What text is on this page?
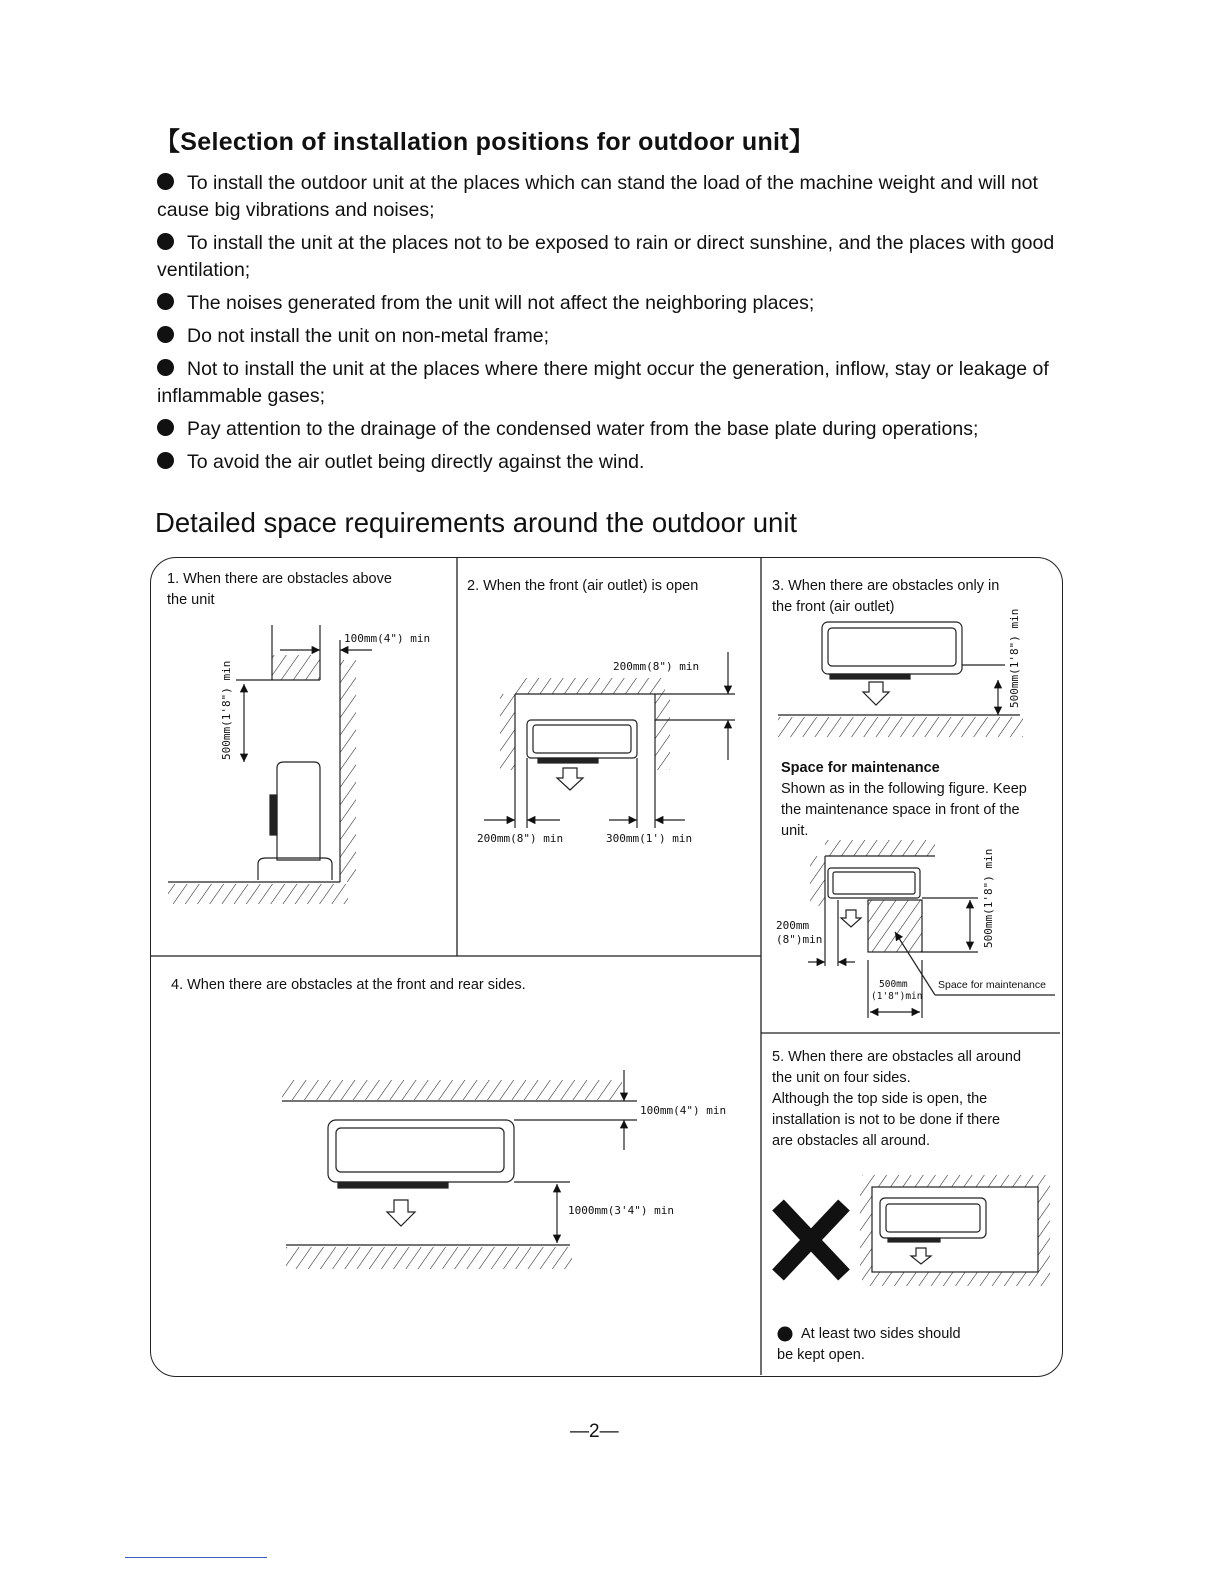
【Selection of installation positions for outdoor unit】
To install the outdoor unit at the places which can stand the load of the machine weight and will not cause big vibrations and noises;
To install the unit at the places not to be exposed to rain or direct sunshine, and the places with good ventilation;
The noises generated from the unit will not affect the neighboring places;
Do not install the unit on non-metal frame;
Not to install the unit at the places where there might occur the generation, inflow, stay or leakage of inflammable gases;
Pay attention to the drainage of the condensed water from the base plate during operations;
To avoid the air outlet being directly against the wind.
Detailed space requirements around the outdoor unit
1. When there are obstacles above
the unit
100mm(4") min
500mm(1'8") min
2. When the front (air outlet) is open
200mm(8") min
200mm(8") min	300mm(1') min
3. When there are obstacles only in
the front (air outlet)
500mm(1'8") min
Space for maintenance
Shown as in the following figure. Keep
the maintenance space in front of the
unit.
200mm
(8")min	500mm(1'8") min
500mm
(1'8")min
Space for maintenance
4. When there are obstacles at the front and rear sides.
100mm(4") min
1000mm(3'4") min
5. When there are obstacles all around
the unit on four sides.
Although the top side is open, the
installation is not to be done if there
are obstacles all around.
At least two sides should
be kept open.
—2—
